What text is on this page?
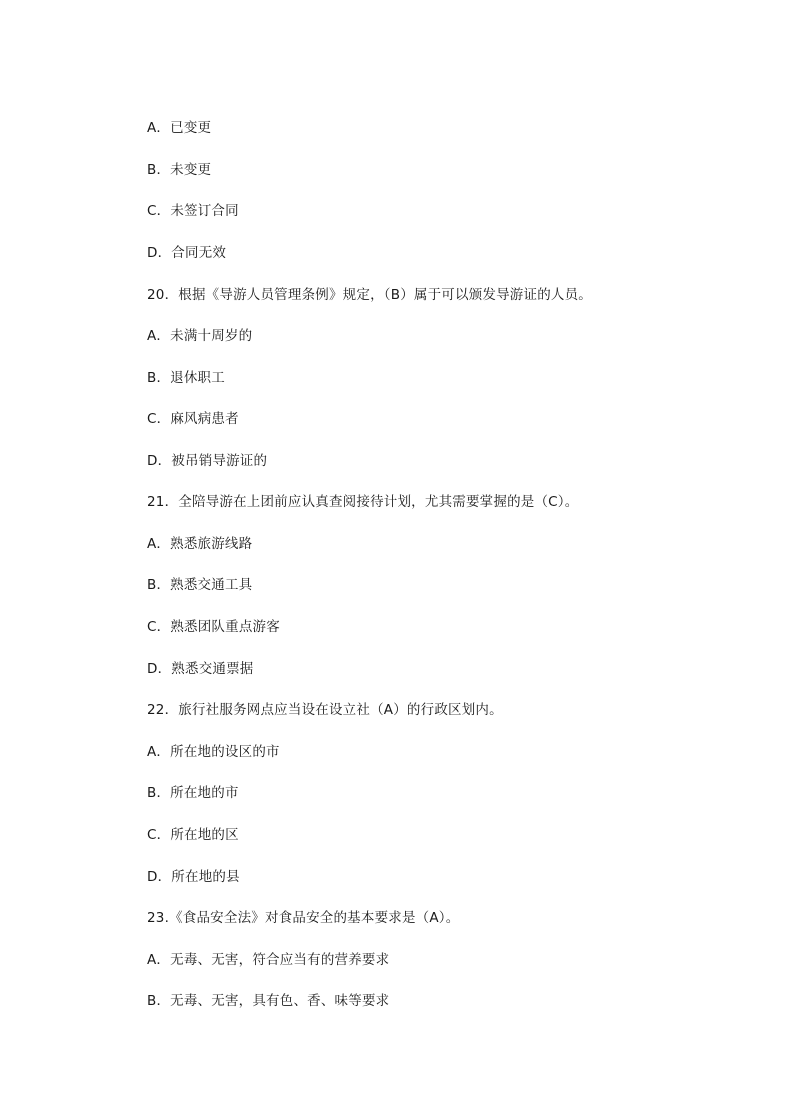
A．已变更
B．未变更
C．未签订合同
D．合同无效
20．根据《导游人员管理条例》规定，（B）属于可以颁发导游证的人员。
A．未满十周岁的
B．退休职工
C．麻风病患者
D．被吊销导游证的
21．全陪导游在上团前应认真查阅接待计划，尤其需要掌握的是（C）。
A．熟悉旅游线路
B．熟悉交通工具
C．熟悉团队重点游客
D．熟悉交通票据
22．旅行社服务网点应当设在设立社（A）的行政区划内。
A．所在地的设区的市
B．所在地的市
C．所在地的区
D．所在地的县
23.《食品安全法》对食品安全的基本要求是（A）。
A．无毒、无害，符合应当有的营养要求
B．无毒、无害，具有色、香、味等要求
